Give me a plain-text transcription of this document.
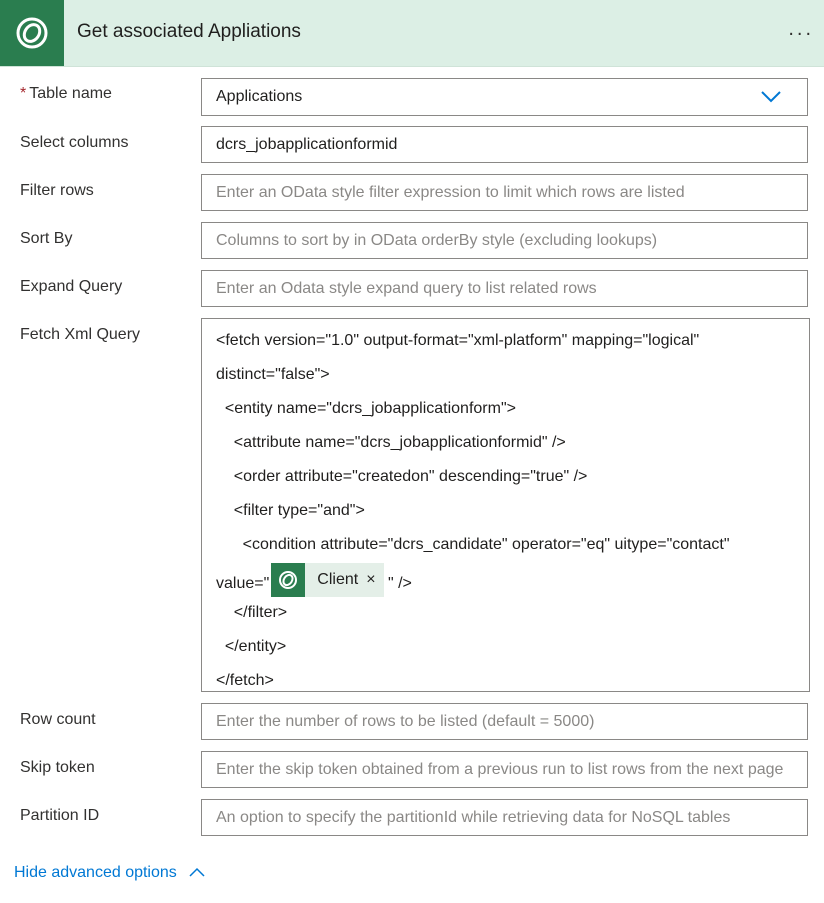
Get associated Appliations	...
* Table name	Applications
Select columns	dcrs_jobapplicationformid
Filter rows	Enter an OData style filter expression to limit which rows are listed
Sort By	Columns to sort by in OData orderBy style (excluding lookups)
Expand Query	Enter an Odata style expand query to list related rows
Fetch Xml Query	<fetch version="1.0" output-format="xml-platform" mapping="logical"
distinct="false">
<entity name="dcrs_jobapplicationform">
<attribute name="dcrs_jobapplicationformid" />
<order attribute="createdon" descending="true" />
<filter type="and">
<condition attribute="dcrs_candidate" operator="eq" uitype="contact"
value="	Client × " />
</filter>
</entity>
</fetch>
Row count	Enter the number of rows to be listed (default = 5000)
Skip token	Enter the skip token obtained from a previous run to list rows from the next page
Partition ID	An option to specify the partitionId while retrieving data for NoSQL tables
Hide advanced options
